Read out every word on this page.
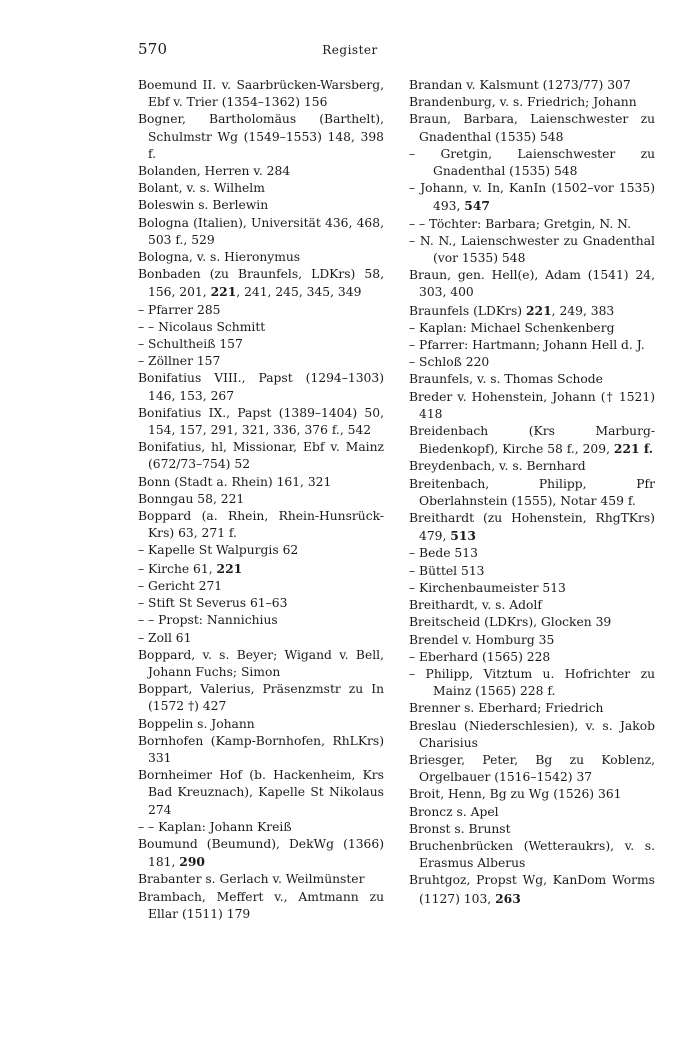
570	Register

Boemund II. v. Saarbrücken-Warsberg, Ebf v. Trier (1354–1362) 156

Bogner, Bartholomäus (Barthelt), Schulmstr Wg (1549–1553) 148, 398 f.

Bolanden, Herren v. 284

Bolant, v. s. Wilhelm

Boleswin s. Berlewin

Bologna (Italien), Universität 436, 468, 503 f., 529

Bologna, v. s. Hieronymus

Bonbaden (zu Braunfels, LDKrs) 58, 156, 201, 221, 241, 245, 345, 349

– Pfarrer 285

– – Nicolaus Schmitt

– Schultheiß 157

– Zöllner 157

Bonifatius VIII., Papst (1294–1303) 146, 153, 267

Bonifatius IX., Papst (1389–1404) 50, 154, 157, 291, 321, 336, 376 f., 542

Bonifatius, hl, Missionar, Ebf v. Mainz (672/73–754) 52

Bonn (Stadt a. Rhein) 161, 321

Bonngau 58, 221

Boppard (a. Rhein, Rhein-Hunsrück-Krs) 63, 271 f.

– Kapelle St Walpurgis 62

– Kirche 61, 221

– Gericht 271

– Stift St Severus 61–63

– – Propst: Nannichius

– Zoll 61

Boppard, v. s. Beyer; Wigand v. Bell, Johann Fuchs; Simon

Boppart, Valerius, Präsenzmstr zu In (1572 †) 427

Boppelin s. Johann

Bornhofen (Kamp-Bornhofen, RhLKrs) 331

Bornheimer Hof (b. Hackenheim, Krs Bad Kreuznach), Kapelle St Nikolaus 274

– – Kaplan: Johann Kreiß

Boumund (Beumund), DekWg (1366) 181, 290

Brabanter s. Gerlach v. Weilmünster

Brambach, Meffert v., Amtmann zu Ellar (1511) 179

Brandan v. Kalsmunt (1273/77) 307

Brandenburg, v. s. Friedrich; Johann

Braun, Barbara, Laienschwester zu Gnadenthal (1535) 548

– Gretgin, Laienschwester zu Gnadenthal (1535) 548

– Johann, v. In, KanIn (1502–vor 1535) 493, 547

– – Töchter: Barbara; Gretgin, N. N.

– N. N., Laienschwester zu Gnadenthal (vor 1535) 548

Braun, gen. Hell(e), Adam (1541) 24, 303, 400

Braunfels (LDKrs) 221, 249, 383

– Kaplan: Michael Schenkenberg

– Pfarrer: Hartmann; Johann Hell d. J.

– Schloß 220

Braunfels, v. s. Thomas Schode

Breder v. Hohenstein, Johann († 1521) 418

Breidenbach (Krs Marburg-Biedenkopf), Kirche 58 f., 209, 221 f.

Breydenbach, v. s. Bernhard

Breitenbach, Philipp, Pfr Oberlahnstein (1555), Notar 459 f.

Breithardt (zu Hohenstein, RhgTKrs) 479, 513

– Bede 513

– Büttel 513

– Kirchenbaumeister 513

Breithardt, v. s. Adolf

Breitscheid (LDKrs), Glocken 39

Brendel v. Homburg 35

– Eberhard (1565) 228

– Philipp, Vitztum u. Hofrichter zu Mainz (1565) 228 f.

Brenner s. Eberhard; Friedrich

Breslau (Niederschlesien), v. s. Jakob Charisius

Briesger, Peter, Bg zu Koblenz, Orgelbauer (1516–1542) 37

Broit, Henn, Bg zu Wg (1526) 361

Broncz s. Apel

Bronst s. Brunst

Bruchenbrücken (Wetteraukrs), v. s. Erasmus Alberus

Bruhtgoz, Propst Wg, KanDom Worms (1127) 103, 263
